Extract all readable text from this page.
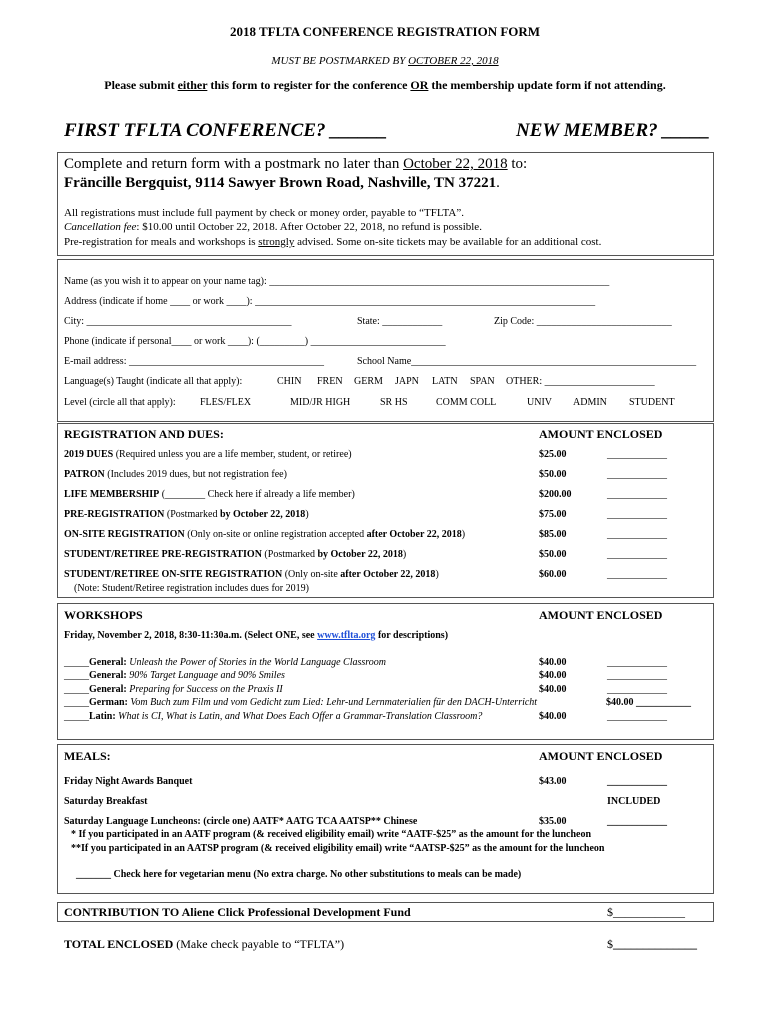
2018 TFLTA CONFERENCE REGISTRATION FORM
MUST BE POSTMARKED BY OCTOBER 22, 2018
Please submit either this form to register for the conference OR the membership update form if not attending.
FIRST TFLTA CONFERENCE? ______	NEW MEMBER? _____
Complete and return form with a postmark no later than October 22, 2018 to:
Fräncille Bergquist, 9114 Sawyer Brown Road, Nashville, TN 37221.
All registrations must include full payment by check or money order, payable to “TFLTA”.
Cancellation fee: $10.00 until October 22, 2018. After October 22, 2018, no refund is possible.
Pre-registration for meals and workshops is strongly advised. Some on-site tickets may be available for an additional cost.
Name (as you wish it to appear on your name tag): ____________________________________________________________________
Address (indicate if home ____ or work ____): ____________________________________________________________________
City: _________________________________________	State: ____________	Zip Code: ___________________________
Phone (indicate if personal____ or work ____): (_________) ___________________________
E-mail address: _______________________________________	School Name_________________________________________________________
Language(s) Taught (indicate all that apply):	CHIN FREN GERM JAPN LATN SPAN OTHER: ______________________
Level (circle all that apply): FLES/FLEX	MID/JR HIGH	SR HS	COMM COLL	UNIV ADMIN STUDENT
REGISTRATION AND DUES:	AMOUNT ENCLOSED
2019 DUES (Required unless you are a life member, student, or retiree)	$25.00	____________
PATRON (Includes 2019 dues, but not registration fee)	$50.00	____________
LIFE MEMBERSHIP (________ Check here if already a life member)	$200.00	____________
PRE-REGISTRATION (Postmarked by October 22, 2018)	$75.00	____________
ON-SITE REGISTRATION (Only on-site or online registration accepted after October 22, 2018)	$85.00	____________
STUDENT/RETIREE PRE-REGISTRATION (Postmarked by October 22, 2018)	$50.00	____________
STUDENT/RETIREE ON-SITE REGISTRATION (Only on-site after October 22, 2018)	$60.00	____________
(Note: Student/Retiree registration includes dues for 2019)
WORKSHOPS	AMOUNT ENCLOSED
Friday, November 2, 2018, 8:30-11:30a.m. (Select ONE, see www.tflta.org for descriptions)
_____General: Unleash the Power of Stories in the World Language Classroom	$40.00	____________
_____General: 90% Target Language and 90% Smiles	$40.00	____________
_____General: Preparing for Success on the Praxis II	$40.00	____________
_____German: Vom Buch zum Film und vom Gedicht zum Lied: Lehr-und Lernmaterialien für den DACH-Unterricht	$40.00 ___________
_____Latin: What is CI, What is Latin, and What Does Each Offer a Grammar-Translation Classroom?	$40.00	____________
MEALS:	AMOUNT ENCLOSED
Friday Night Awards Banquet	$43.00	____________
Saturday Breakfast	INCLUDED
Saturday Language Luncheons: (circle one) AATF* AATG TCA AATSP** Chinese	$35.00	____________
* If you participated in an AATF program (& received eligibility email) write “AATF-$25” as the amount for the luncheon
**If you participated in an AATSP program (& received eligibility email) write “AATSP-$25” as the amount for the luncheon
_______ Check here for vegetarian menu (No extra charge. No other substitutions to meals can be made)
CONTRIBUTION TO Aliene Click Professional Development Fund	$____________
TOTAL ENCLOSED (Make check payable to “TFLTA”)	$______________
